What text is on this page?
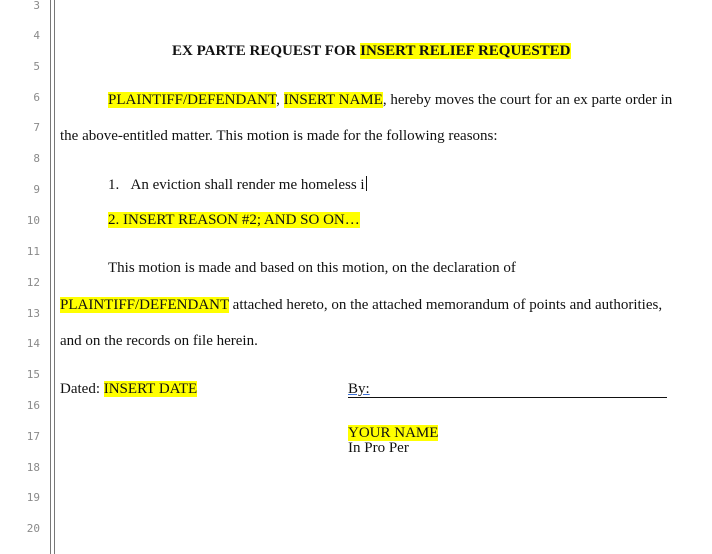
3
4
5
6
7
8
9
10
11
12
13
14
15
16
17
18
19
20
EX PARTE REQUEST FOR INSERT RELIEF REQUESTED
PLAINTIFF/DEFENDANT, INSERT NAME, hereby moves the court for an ex parte order in
the above-entitled matter. This motion is made for the following reasons:
1. An eviction shall render me homeless i
2. INSERT REASON #2; AND SO ON…
This motion is made and based on this motion, on the declaration of
PLAINTIFF/DEFENDANT attached hereto, on the attached memorandum of points and authorities,
and on the records on file herein.
Dated: INSERT DATE	By:
YOUR NAME
In Pro Per
